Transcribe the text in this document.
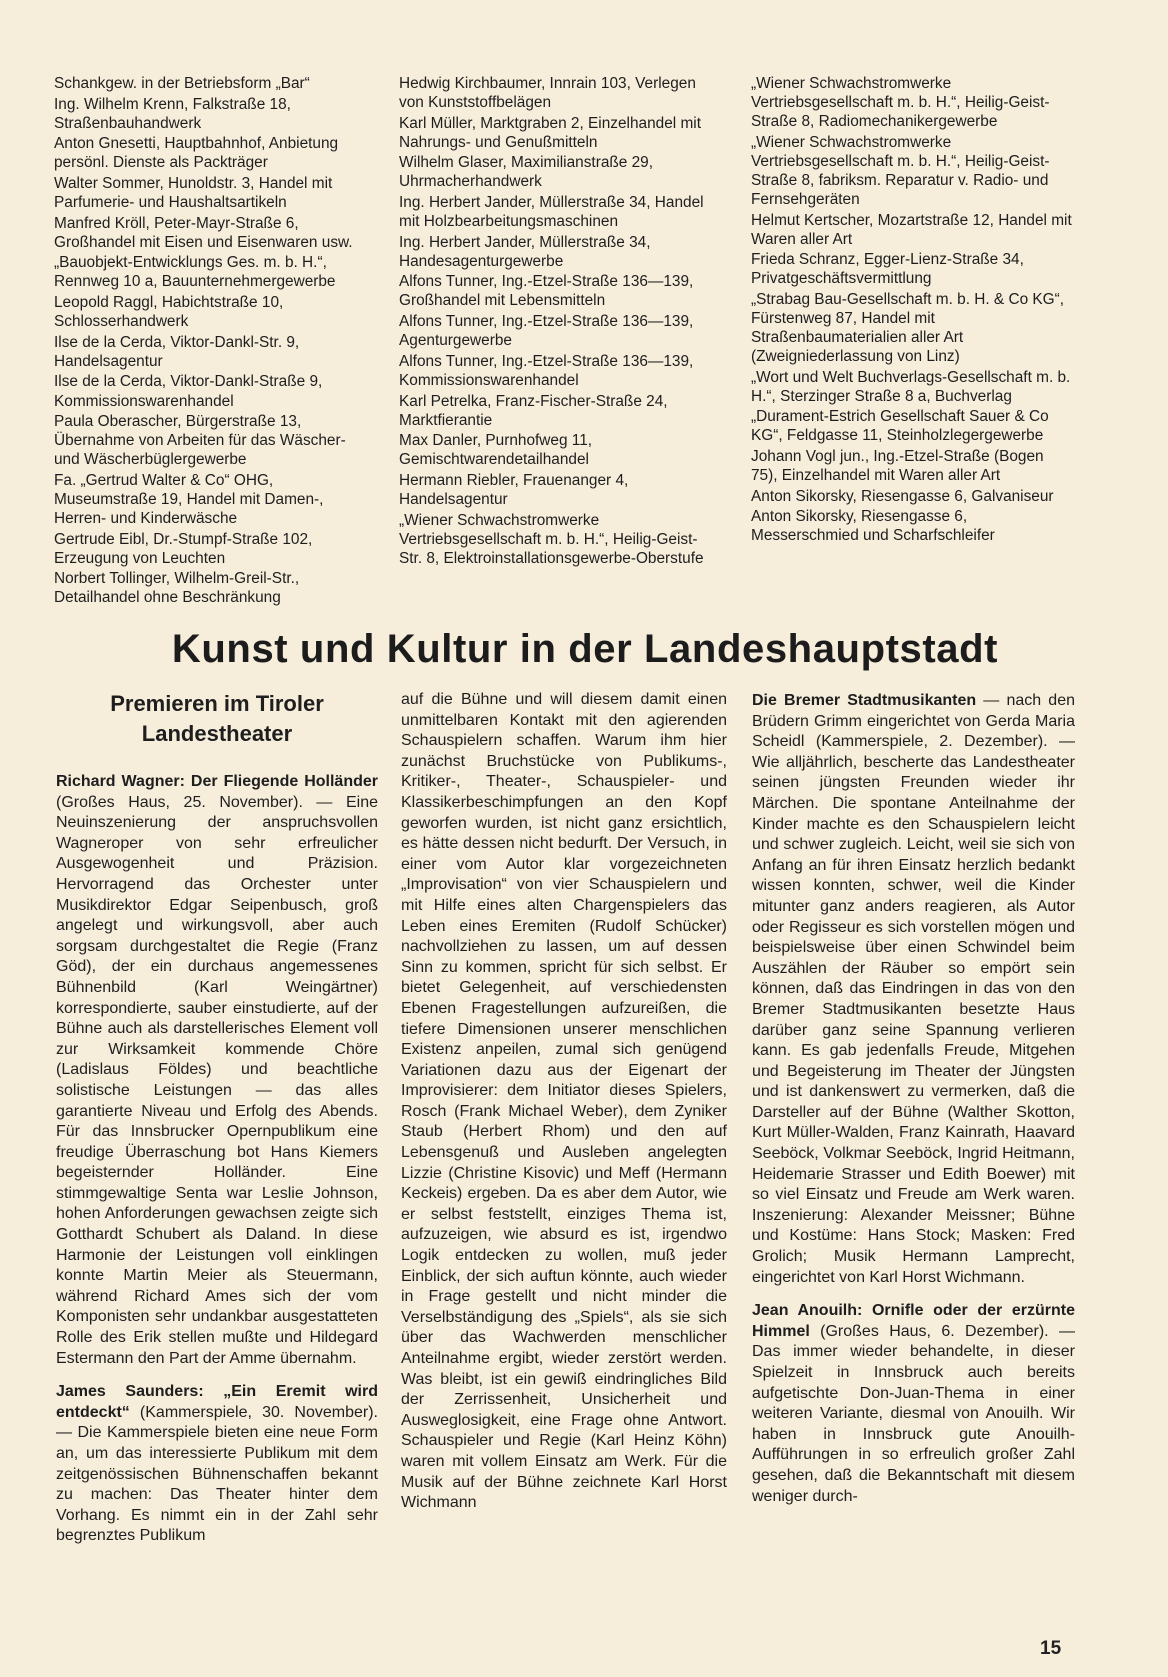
Schankgew. in der Betriebsform „Bar“
Ing. Wilhelm Krenn, Falkstraße 18, Straßenbauhandwerk
Anton Gnesetti, Hauptbahnhof, Anbietung persönl. Dienste als Packträger
Walter Sommer, Hunoldstr. 3, Handel mit Parfumerie- und Haushaltsartikeln
Manfred Kröll, Peter-Mayr-Straße 6, Großhandel mit Eisen und Eisenwaren usw.
„Bauobjekt-Entwicklungs Ges. m. b. H.“, Rennweg 10 a, Bauunternehmergewerbe
Leopold Raggl, Habichtstraße 10, Schlosserhandwerk
Ilse de la Cerda, Viktor-Dankl-Str. 9, Handelsagentur
Ilse de la Cerda, Viktor-Dankl-Straße 9, Kommissionswarenhandel
Paula Oberascher, Bürgerstraße 13, Übernahme von Arbeiten für das Wäscher- und Wäscherbüglergewerbe
Fa. „Gertrud Walter & Co“ OHG, Museumstraße 19, Handel mit Damen-, Herren- und Kinderwäsche
Gertrude Eibl, Dr.-Stumpf-Straße 102, Erzeugung von Leuchten
Norbert Tollinger, Wilhelm-Greil-Str., Detailhandel ohne Beschränkung
Hedwig Kirchbaumer, Innrain 103, Verlegen von Kunststoffbelägen
Karl Müller, Marktgraben 2, Einzelhandel mit Nahrungs- und Genußmitteln
Wilhelm Glaser, Maximilianstraße 29, Uhrmacherhandwerk
Ing. Herbert Jander, Müllerstraße 34, Handel mit Holzbearbeitungsmaschinen
Ing. Herbert Jander, Müllerstraße 34, Handesagenturgewerbe
Alfons Tunner, Ing.-Etzel-Straße 136—139, Großhandel mit Lebensmitteln
Alfons Tunner, Ing.-Etzel-Straße 136—139, Agenturgewerbe
Alfons Tunner, Ing.-Etzel-Straße 136—139, Kommissionswarenhandel
Karl Petrelka, Franz-Fischer-Straße 24, Marktfierantie
Max Danler, Purnhofweg 11, Gemischtwarendetailhandel
Hermann Riebler, Frauenanger 4, Handelsagentur
„Wiener Schwachstromwerke Vertriebsgesellschaft m. b. H.“, Heilig-Geist-Str. 8, Elektroinstallationsgewerbe-Oberstufe
„Wiener Schwachstromwerke Vertriebsgesellschaft m. b. H.“, Heilig-Geist-Straße 8, Radiomechanikergewerbe
„Wiener Schwachstromwerke Vertriebsgesellschaft m. b. H.“, Heilig-Geist-Straße 8, fabriksm. Reparatur v. Radio- und Fernsehgeräten
Helmut Kertscher, Mozartstraße 12, Handel mit Waren aller Art
Frieda Schranz, Egger-Lienz-Straße 34, Privatgeschäftsvermittlung
„Strabag Bau-Gesellschaft m. b. H. & Co KG“, Fürstenweg 87, Handel mit Straßenbaumaterialien aller Art (Zweigniederlassung von Linz)
„Wort und Welt Buchverlags-Gesellschaft m. b. H.“, Sterzinger Straße 8 a, Buchverlag
„Durament-Estrich Gesellschaft Sauer & Co KG“, Feldgasse 11, Steinholzlegergewerbe
Johann Vogl jun., Ing.-Etzel-Straße (Bogen 75), Einzelhandel mit Waren aller Art
Anton Sikorsky, Riesengasse 6, Galvaniseur
Anton Sikorsky, Riesengasse 6, Messerschmied und Scharfschleifer
Kunst und Kultur in der Landeshauptstadt
Premieren im Tiroler Landestheater

Richard Wagner: Der Fliegende Holländer (Großes Haus, 25. November). — Eine Neuinszenierung der anspruchsvollen Wagneroper von sehr erfreulicher Ausgewogenheit und Präzision. Hervorragend das Orchester unter Musikdirektor Edgar Seipenbusch, groß angelegt und wirkungsvoll, aber auch sorgsam durchgestaltet die Regie (Franz Göd), der ein durchaus angemessenes Bühnenbild (Karl Weingärtner) korrespondierte, sauber einstudierte, auf der Bühne auch als darstellerisches Element voll zur Wirksamkeit kommende Chöre (Ladislaus Földes) und beachtliche solistische Leistungen — das alles garantierte Niveau und Erfolg des Abends. Für das Innsbrucker Opernpublikum eine freudige Überraschung bot Hans Kiemers begeisternder Holländer. Eine stimmgewaltige Senta war Leslie Johnson, hohen Anforderungen gewachsen zeigte sich Gotthardt Schubert als Daland. In diese Harmonie der Leistungen voll einklingen konnte Martin Meier als Steuermann, während Richard Ames sich der vom Komponisten sehr undankbar ausgestatteten Rolle des Erik stellen mußte und Hildegard Estermann den Part der Amme übernahm.

James Saunders: „Ein Eremit wird entdeckt“ (Kammerspiele, 30. November). — Die Kammerspiele bieten eine neue Form an, um das interessierte Publikum mit dem zeitgenössischen Bühnenschaffen bekannt zu machen: Das Theater hinter dem Vorhang. Es nimmt ein in der Zahl sehr begrenztes Publikum

auf die Bühne und will diesem damit einen unmittelbaren Kontakt mit den agierenden Schauspielern schaffen. Warum ihm hier zunächst Bruchstücke von Publikums-, Kritiker-, Theater-, Schauspieler- und Klassikerbeschimpfungen an den Kopf geworfen wurden, ist nicht ganz ersichtlich, es hätte dessen nicht bedurft. Der Versuch, in einer vom Autor klar vorgezeichneten „Improvisation“ von vier Schauspielern und mit Hilfe eines alten Chargenspielers das Leben eines Eremiten (Rudolf Schücker) nachvollziehen zu lassen, um auf dessen Sinn zu kommen, spricht für sich selbst. Er bietet Gelegenheit, auf verschiedensten Ebenen Fragestellungen aufzureißen, die tiefere Dimensionen unserer menschlichen Existenz anpeilen, zumal sich genügend Variationen dazu aus der Eigenart der Improvisierer: dem Initiator dieses Spielers, Rosch (Frank Michael Weber), dem Zyniker Staub (Herbert Rhom) und den auf Lebensgenuß und Ausleben angelegten Lizzie (Christine Kisovic) und Meff (Hermann Keckeis) ergeben. Da es aber dem Autor, wie er selbst feststellt, einziges Thema ist, aufzuzeigen, wie absurd es ist, irgendwo Logik entdecken zu wollen, muß jeder Einblick, der sich auftun könnte, auch wieder in Frage gestellt und nicht minder die Verselbständigung des „Spiels“, als sie sich über das Wachwerden menschlicher Anteilnahme ergibt, wieder zerstört werden. Was bleibt, ist ein gewiß eindringliches Bild der Zerrissenheit, Unsicherheit und Ausweglosigkeit, eine Frage ohne Antwort. Schauspieler und Regie (Karl Heinz Köhn) waren mit vollem Einsatz am Werk. Für die Musik auf der Bühne zeichnete Karl Horst Wichmann

Die Bremer Stadtmusikanten — nach den Brüdern Grimm eingerichtet von Gerda Maria Scheidl (Kammerspiele, 2. Dezember). — Wie alljährlich, bescherte das Landestheater seinen jüngsten Freunden wieder ihr Märchen. Die spontane Anteilnahme der Kinder machte es den Schauspielern leicht und schwer zugleich. Leicht, weil sie sich von Anfang an für ihren Einsatz herzlich bedankt wissen konnten, schwer, weil die Kinder mitunter ganz anders reagieren, als Autor oder Regisseur es sich vorstellen mögen und beispielsweise über einen Schwindel beim Auszählen der Räuber so empört sein können, daß das Eindringen in das von den Bremer Stadtmusikanten besetzte Haus darüber ganz seine Spannung verlieren kann. Es gab jedenfalls Freude, Mitgehen und Begeisterung im Theater der Jüngsten und ist dankenswert zu vermerken, daß die Darsteller auf der Bühne (Walther Skotton, Kurt Müller-Walden, Franz Kainrath, Haavard Seeböck, Volkmar Seeböck, Ingrid Heitmann, Heidemarie Strasser und Edith Boewer) mit so viel Einsatz und Freude am Werk waren. Inszenierung: Alexander Meissner; Bühne und Kostüme: Hans Stock; Masken: Fred Grolich; Musik Hermann Lamprecht, eingerichtet von Karl Horst Wichmann.

Jean Anouilh: Ornifle oder der erzürnte Himmel (Großes Haus, 6. Dezember). — Das immer wieder behandelte, in dieser Spielzeit in Innsbruck auch bereits aufgetischte Don-Juan-Thema in einer weiteren Variante, diesmal von Anouilh. Wir haben in Innsbruck gute Anouilh-Aufführungen in so erfreulich großer Zahl gesehen, daß die Bekanntschaft mit diesem weniger durch-

15
